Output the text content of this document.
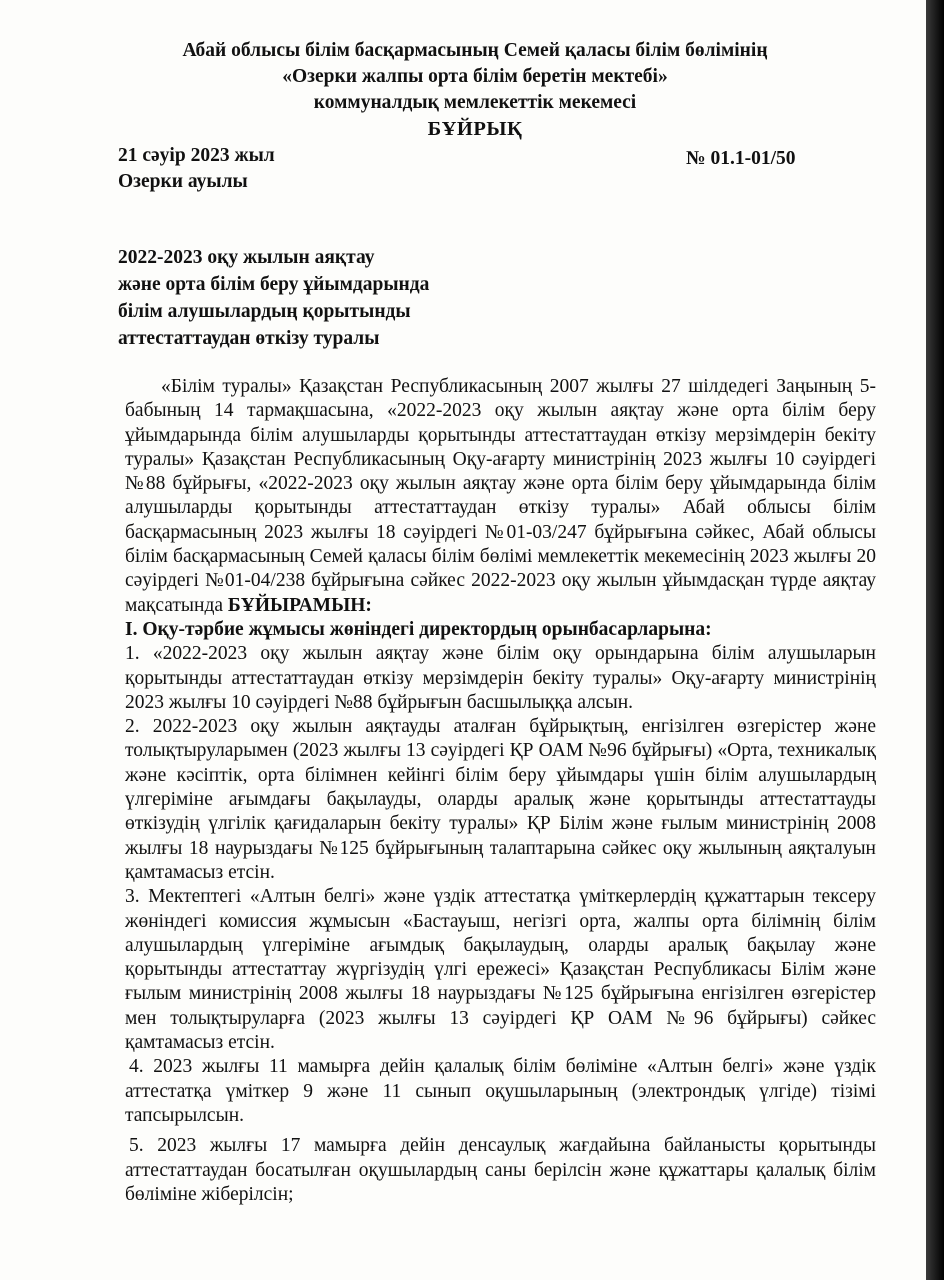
Абай облысы білім басқармасының Семей қаласы білім бөлімінің
«Озерки жалпы орта білім беретін мектебі»
коммуналдық мемлекеттік мекемесі
БҰЙРЫҚ
21 сәуір 2023 жыл
Озерки ауылы
№ 01.1-01/50
2022-2023 оқу жылын аяқтау
және орта білім беру ұйымдарында
білім алушылардың қорытынды
аттестаттаудан өткізу туралы

«Білім туралы» Қазақстан Республикасының 2007 жылғы 27 шілдедегі Заңының 5-бабының 14 тармақшасына, «2022-2023 оқу жылын аяқтау және орта білім беру ұйымдарында білім алушыларды қорытынды аттестаттаудан өткізу мерзімдерін бекіту туралы» Қазақстан Республикасының Оқу-ағарту министрінің 2023 жылғы 10 сәуірдегі №88 бұйрығы, «2022-2023 оқу жылын аяқтау және орта білім беру ұйымдарында білім алушыларды қорытынды аттестаттаудан өткізу туралы» Абай облысы білім басқармасының 2023 жылғы 18 сәуірдегі №01-03/247 бұйрығына сәйкес, Абай облысы білім басқармасының Семей қаласы білім бөлімі мемлекеттік мекемесінің 2023 жылғы 20 сәуірдегі №01-04/238 бұйрығына сәйкес 2022-2023 оқу жылын ұйымдасқан түрде аяқтау мақсатында БҰЙЫРАМЫН:

І. Оқу-тәрбие жұмысы жөніндегі директордың орынбасарларына:

1. «2022-2023 оқу жылын аяқтау және білім оқу орындарына білім алушыларын қорытынды аттестаттаудан өткізу мерзімдерін бекіту туралы» Оқу-ағарту министрінің 2023 жылғы 10 сәуірдегі №88 бұйрығын басшылыққа алсын.

2. 2022-2023 оқу жылын аяқтауды аталған бұйрықтың, енгізілген өзгерістер және толықтыруларымен (2023 жылғы 13 сәуірдегі ҚР ОАМ №96 бұйрығы) «Орта, техникалық және кәсіптік, орта білімнен кейінгі білім беру ұйымдары үшін білім алушылардың үлгеріміне ағымдағы бақылауды, оларды аралық және қорытынды аттестаттауды өткізудің үлгілік қағидаларын бекіту туралы» ҚР Білім және ғылым министрінің 2008 жылғы 18 наурыздағы №125 бұйрығының талаптарына сәйкес оқу жылының аяқталуын қамтамасыз етсін.

3. Мектептегі «Алтын белгі» және үздік аттестатқа үміткерлердің құжаттарын тексеру жөніндегі комиссия жұмысын «Бастауыш, негізгі орта, жалпы орта білімнің білім алушылардың үлгеріміне ағымдық бақылаудың, оларды аралық бақылау және қорытынды аттестаттау жүргізудің үлгі ережесі» Қазақстан Республикасы Білім және ғылым министрінің 2008 жылғы 18 наурыздағы №125 бұйрығына енгізілген өзгерістер мен толықтыруларға (2023 жылғы 13 сәуірдегі ҚР ОАМ №96 бұйрығы) сәйкес қамтамасыз етсін.

4. 2023 жылғы 11 мамырға дейін қалалық білім бөліміне «Алтын белгі» және үздік аттестатқа үміткер 9 және 11 сынып оқушыларының (электрондық үлгіде) тізімі тапсырылсын.

5. 2023 жылғы 17 мамырға дейін денсаулық жағдайына байланысты қорытынды аттестаттаудан босатылған оқушылардың саны берілсін және құжаттары қалалық білім бөліміне жіберілсін;
